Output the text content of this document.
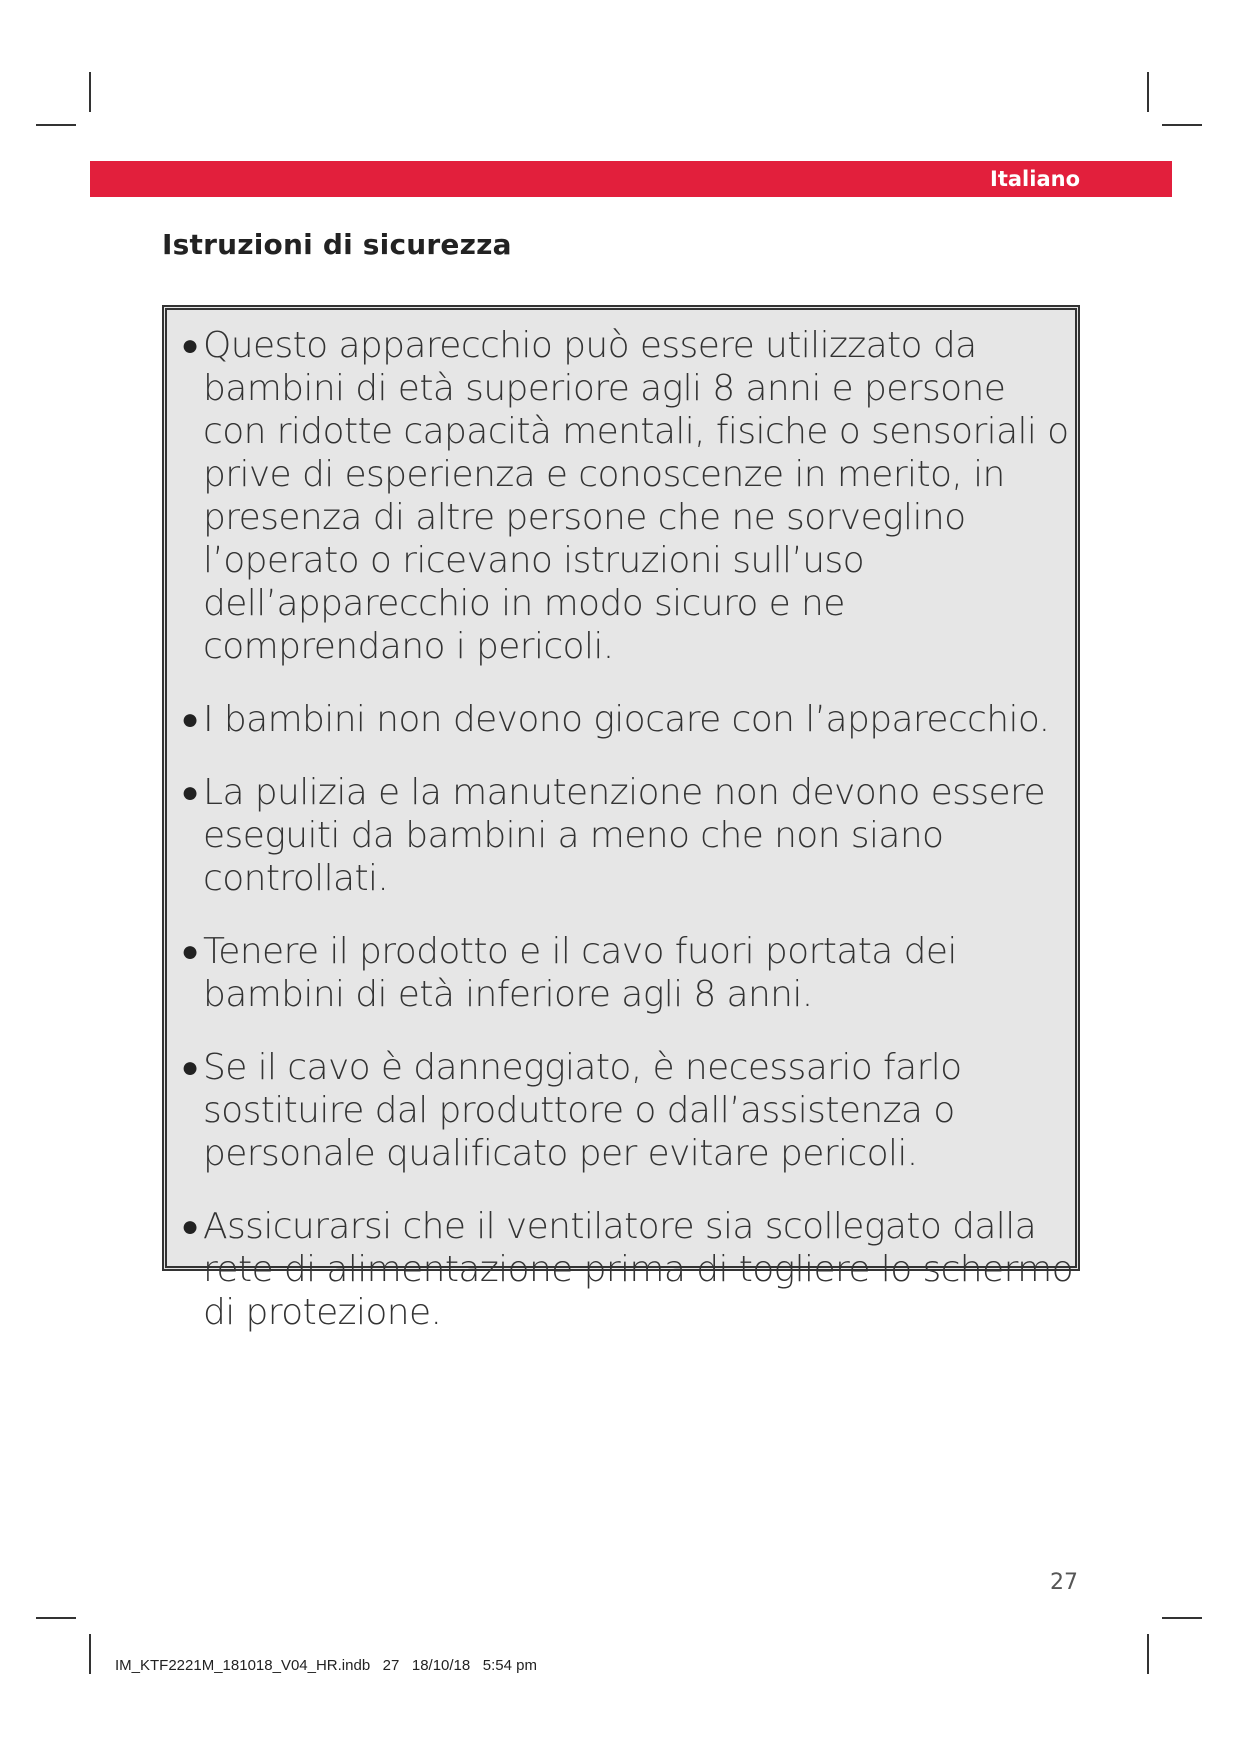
Italiano
Istruzioni di sicurezza
● Questo apparecchio può essere utilizzato da bambini di età superiore agli 8 anni e persone con ridotte capacità mentali, fisiche o sensoriali o prive di esperienza e conoscenze in merito, in presenza di altre persone che ne sorveglino l’operato o ricevano istruzioni sull’uso dell’apparecchio in modo sicuro e ne comprendano i pericoli.
● I bambini non devono giocare con l’apparecchio.
● La pulizia e la manutenzione non devono essere eseguiti da bambini a meno che non siano controllati.
● Tenere il prodotto e il cavo fuori portata dei bambini di età inferiore agli 8 anni.
● Se il cavo è danneggiato, è necessario farlo sostituire dal produttore o dall’assistenza o personale qualificato per evitare pericoli.
● Assicurarsi che il ventilatore sia scollegato dalla rete di alimentazione prima di togliere lo schermo di protezione.
27
IM_KTF2221M_181018_V04_HR.indb   27   18/10/18   5:54 pm
